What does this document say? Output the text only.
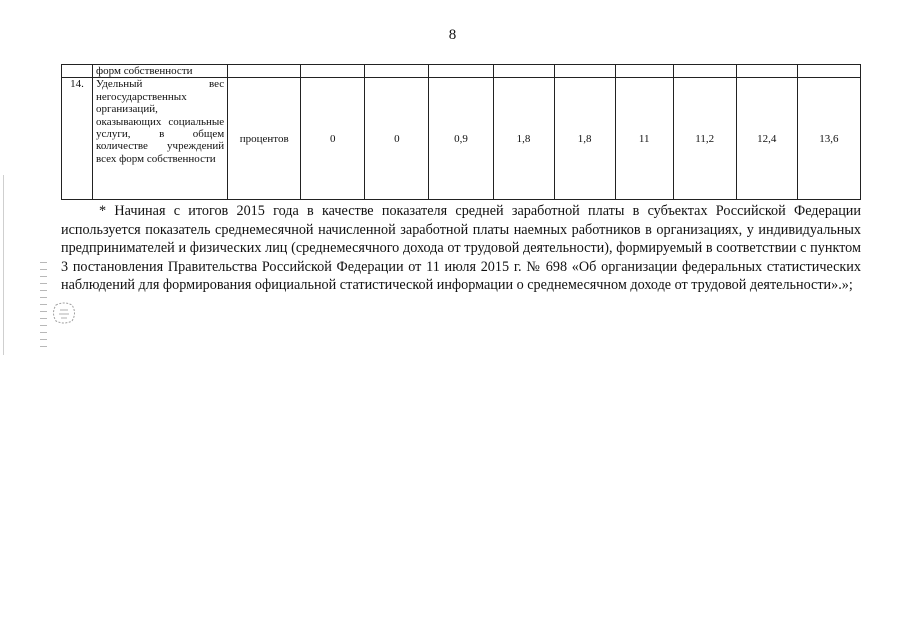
8
	форм собственности										
14.	Удельный вес негосударственных организаций, оказывающих социальные услуги, в общем количестве учреждений всех форм собственности	процентов	0	0	0,9	1,8	1,8	11	11,2	12,4	13,6

* Начиная с итогов 2015 года в качестве показателя средней заработной платы в субъектах Российской Федерации используется показатель среднемесячной начисленной заработной платы наемных работников в организациях, у индивидуальных предпринимателей и физических лиц (среднемесячного дохода от трудовой деятельности), формируемый в соответствии с пунктом 3 постановления Правительства Российской Федерации от 11 июля 2015 г. № 698 «Об организации федеральных статистических наблюдений для формирования официальной статистической информации о среднемесячном доходе от трудовой деятельности».»;
